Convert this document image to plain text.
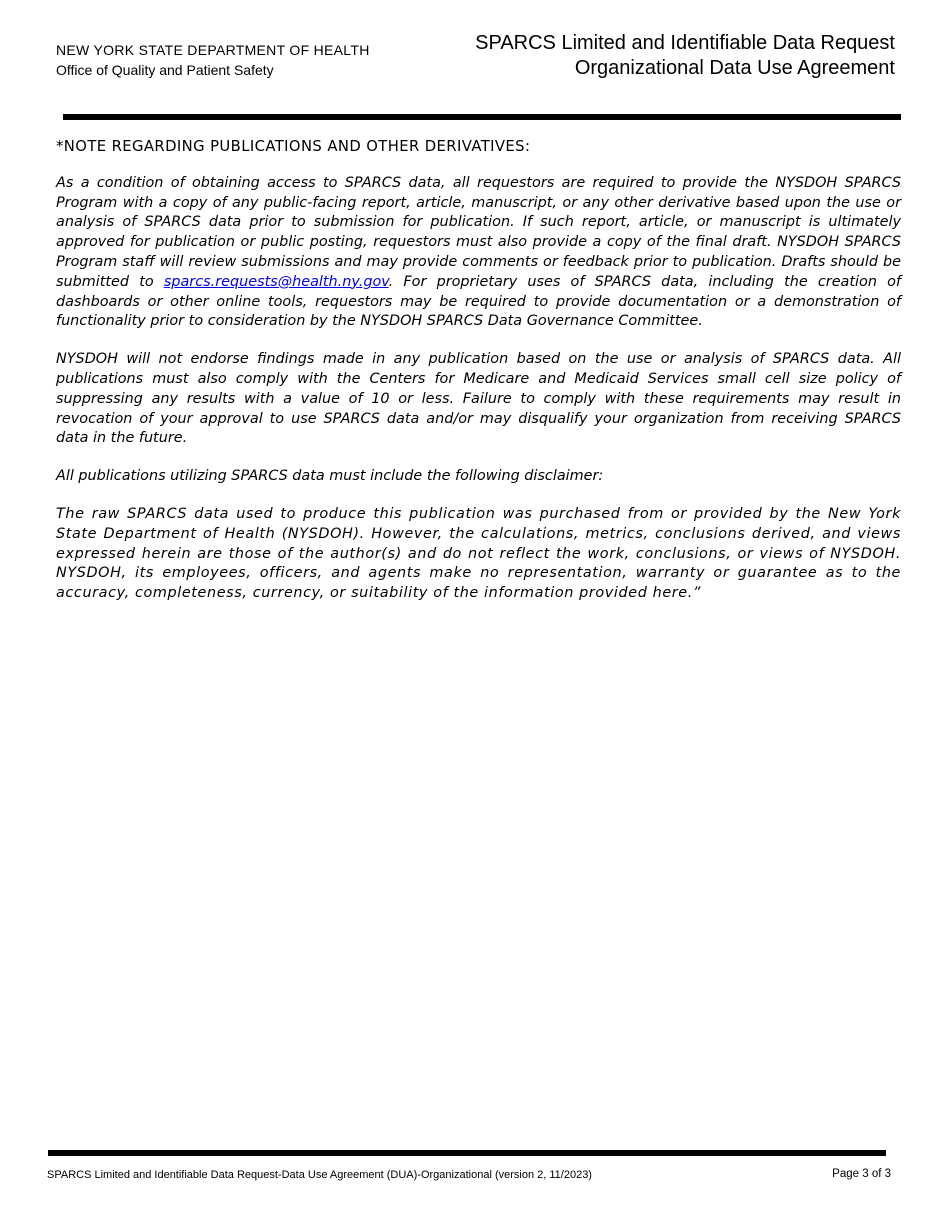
NEW YORK STATE DEPARTMENT OF HEALTH
Office of Quality and Patient Safety
SPARCS Limited and Identifiable Data Request
Organizational Data Use Agreement

*NOTE REGARDING PUBLICATIONS AND OTHER DERIVATIVES:

As a condition of obtaining access to SPARCS data, all requestors are required to provide the NYSDOH SPARCS Program with a copy of any public-facing report, article, manuscript, or any other derivative based upon the use or analysis of SPARCS data prior to submission for publication. If such report, article, or manuscript is ultimately approved for publication or public posting, requestors must also provide a copy of the final draft. NYSDOH SPARCS Program staff will review submissions and may provide comments or feedback prior to publication. Drafts should be submitted to sparcs.requests@health.ny.gov. For proprietary uses of SPARCS data, including the creation of dashboards or other online tools, requestors may be required to provide documentation or a demonstration of functionality prior to consideration by the NYSDOH SPARCS Data Governance Committee.

NYSDOH will not endorse findings made in any publication based on the use or analysis of SPARCS data. All publications must also comply with the Centers for Medicare and Medicaid Services small cell size policy of suppressing any results with a value of 10 or less. Failure to comply with these requirements may result in revocation of your approval to use SPARCS data and/or may disqualify your organization from receiving SPARCS data in the future.

All publications utilizing SPARCS data must include the following disclaimer:

The raw SPARCS data used to produce this publication was purchased from or provided by the New York State Department of Health (NYSDOH). However, the calculations, metrics, conclusions derived, and views expressed herein are those of the author(s) and do not reflect the work, conclusions, or views of NYSDOH. NYSDOH, its employees, officers, and agents make no representation, warranty or guarantee as to the accuracy, completeness, currency, or suitability of the information provided here.”

SPARCS Limited and Identifiable Data Request-Data Use Agreement (DUA)-Organizational (version 2, 11/2023)	Page 3 of 3
